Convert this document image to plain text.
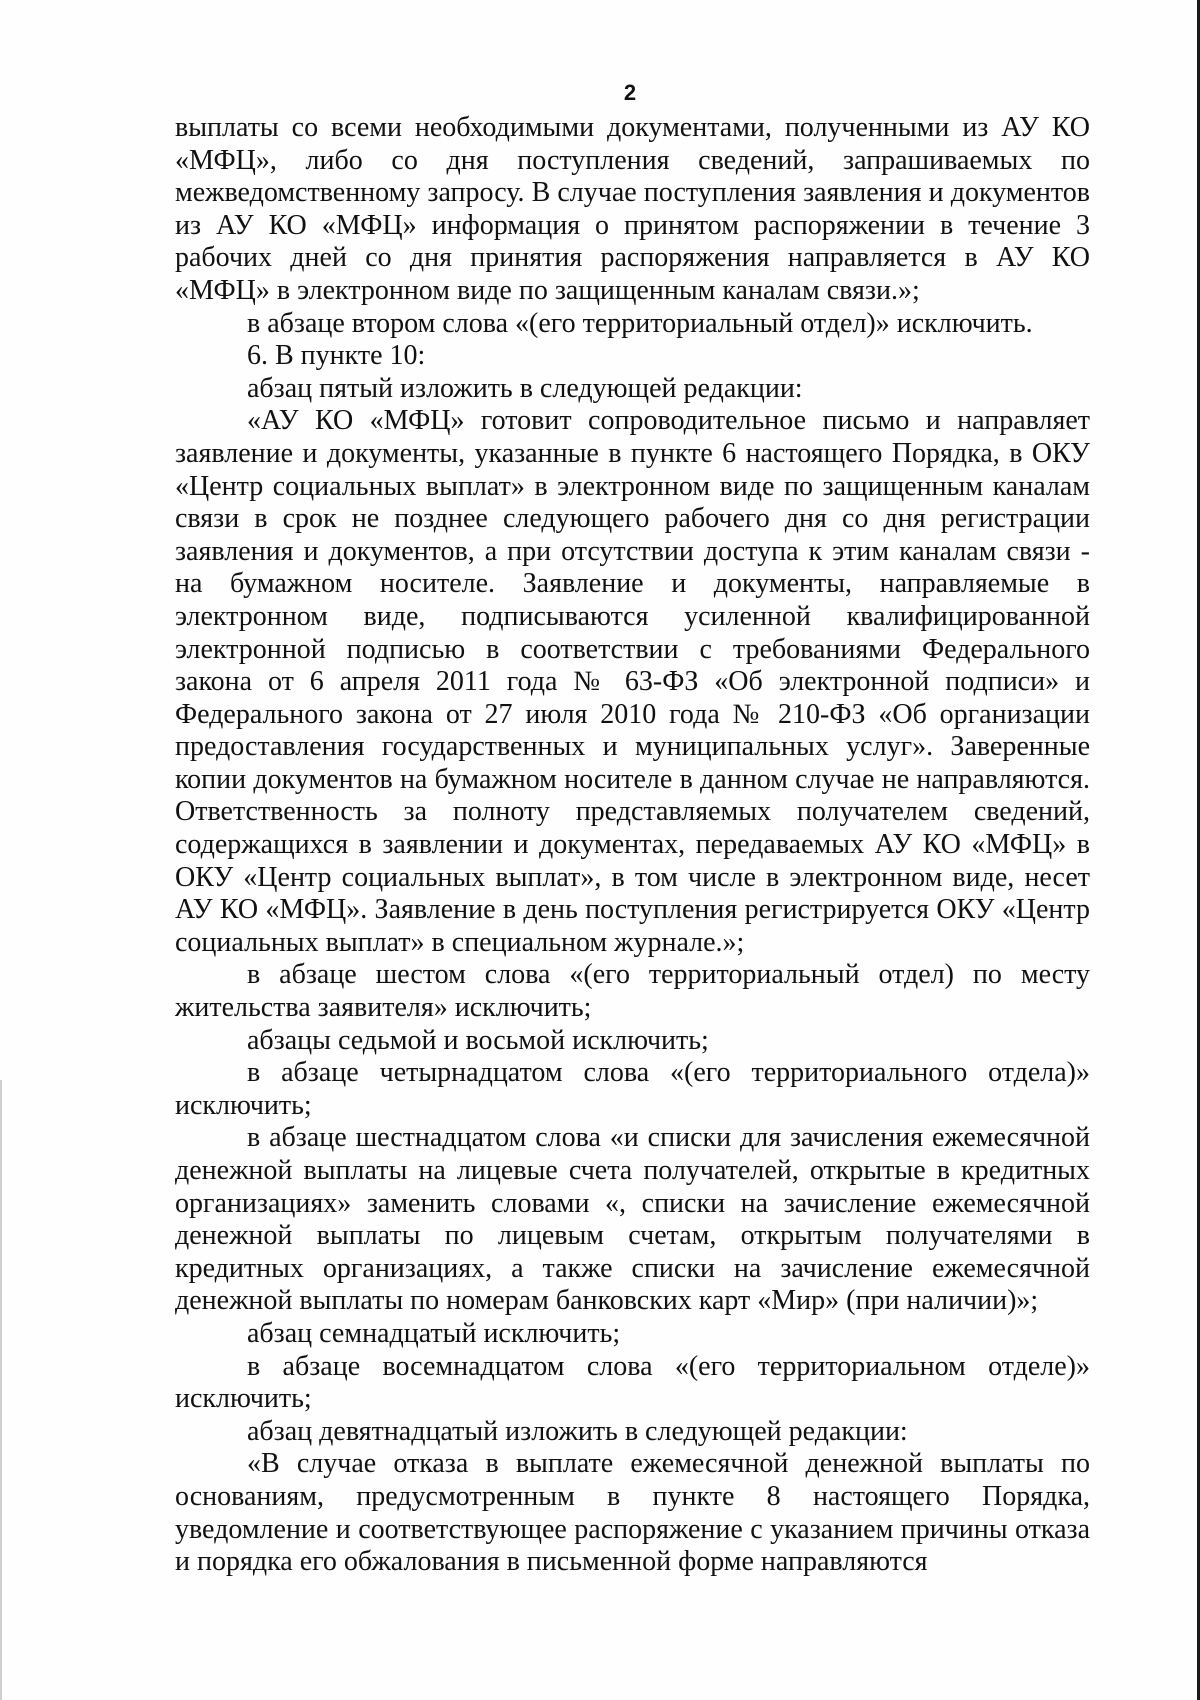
2

выплаты со всеми необходимыми документами, полученными из АУ КО «МФЦ», либо со дня поступления сведений, запрашиваемых по межведомственному запросу. В случае поступления заявления и документов из АУ КО «МФЦ» информация о принятом распоряжении в течение 3 рабочих дней со дня принятия распоряжения направляется в АУ КО «МФЦ» в электронном виде по защищенным каналам связи.»;

в абзаце втором слова «(его территориальный отдел)» исключить.

6. В пункте 10:

абзац пятый изложить в следующей редакции:

«АУ КО «МФЦ» готовит сопроводительное письмо и направляет заявление и документы, указанные в пункте 6 настоящего Порядка, в ОКУ «Центр социальных выплат» в электронном виде по защищенным каналам связи в срок не позднее следующего рабочего дня со дня регистрации заявления и документов, а при отсутствии доступа к этим каналам связи - на бумажном носителе. Заявление и документы, направляемые в электронном виде, подписываются усиленной квалифицированной электронной подписью в соответствии с требованиями Федерального закона от 6 апреля 2011 года № 63-ФЗ «Об электронной подписи» и Федерального закона от 27 июля 2010 года № 210-ФЗ «Об организации предоставления государственных и муниципальных услуг». Заверенные копии документов на бумажном носителе в данном случае не направляются. Ответственность за полноту представляемых получателем сведений, содержащихся в заявлении и документах, передаваемых АУ КО «МФЦ» в ОКУ «Центр социальных выплат», в том числе в электронном виде, несет АУ КО «МФЦ». Заявление в день поступления регистрируется ОКУ «Центр социальных выплат» в специальном журнале.»;

в абзаце шестом слова «(его территориальный отдел) по месту жительства заявителя» исключить;

абзацы седьмой и восьмой исключить;

в абзаце четырнадцатом слова «(его территориального отдела)» исключить;

в абзаце шестнадцатом слова «и списки для зачисления ежемесячной денежной выплаты на лицевые счета получателей, открытые в кредитных организациях» заменить словами «, списки на зачисление ежемесячной денежной выплаты по лицевым счетам, открытым получателями в кредитных организациях, а также списки на зачисление ежемесячной денежной выплаты по номерам банковских карт «Мир» (при наличии)»;

абзац семнадцатый исключить;

в абзаце восемнадцатом слова «(его территориальном отделе)» исключить;

абзац девятнадцатый изложить в следующей редакции:

«В случае отказа в выплате ежемесячной денежной выплаты по основаниям, предусмотренным в пункте 8 настоящего Порядка, уведомление и соответствующее распоряжение с указанием причины отказа и порядка его обжалования в письменной форме направляются
